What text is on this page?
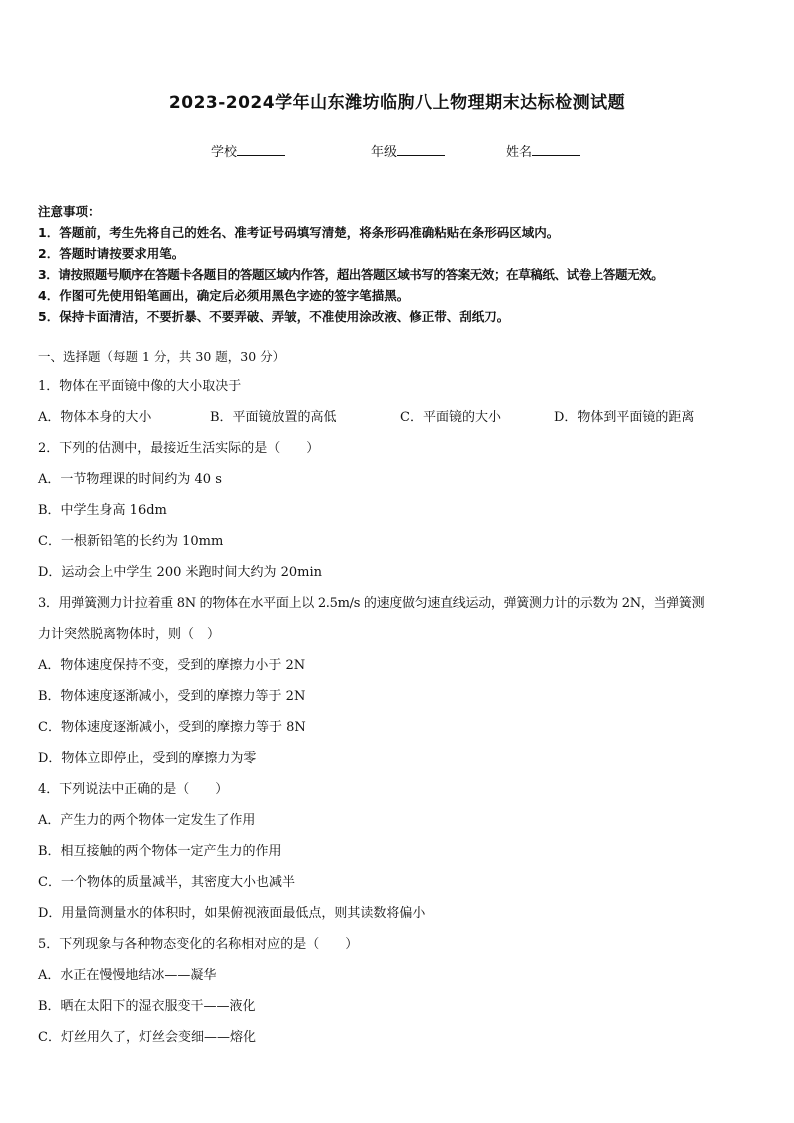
2023-2024学年山东潍坊临朐八上物理期末达标检测试题
学校	年级	姓名
注意事项：
1．答题前，考生先将自己的姓名、准考证号码填写清楚，将条形码准确粘贴在条形码区域内。
2．答题时请按要求用笔。
3．请按照题号顺序在答题卡各题目的答题区域内作答，超出答题区域书写的答案无效；在草稿纸、试卷上答题无效。
4．作图可先使用铅笔画出，确定后必须用黑色字迹的签字笔描黑。
5．保持卡面清洁，不要折暴、不要弄破、弄皱，不准使用涂改液、修正带、刮纸刀。
一、选择题（每题 1 分，共 30 题，30 分）
1．物体在平面镜中像的大小取决于
A．物体本身的大小	B．平面镜放置的高低	C．平面镜的大小	D．物体到平面镜的距离
2．下列的估测中，最接近生活实际的是（　　）
A．一节物理课的时间约为 40 s
B．中学生身高 16dm
C．一根新铅笔的长约为 10mm
D．运动会上中学生 200 米跑时间大约为 20min
3．用弹簧测力计拉着重 8N 的物体在水平面上以 2.5m/s 的速度做匀速直线运动，弹簧测力计的示数为 2N，当弹簧测
力计突然脱离物体时，则（　）
A．物体速度保持不变，受到的摩擦力小于 2N
B．物体速度逐渐减小，受到的摩擦力等于 2N
C．物体速度逐渐减小，受到的摩擦力等于 8N
D．物体立即停止，受到的摩擦力为零
4．下列说法中正确的是（　　）
A．产生力的两个物体一定发生了作用
B．相互接触的两个物体一定产生力的作用
C．一个物体的质量减半，其密度大小也减半
D．用量筒测量水的体积时，如果俯视液面最低点，则其读数将偏小
5．下列现象与各种物态变化的名称相对应的是（　　）
A．水正在慢慢地结冰——凝华
B．晒在太阳下的湿衣服变干——液化
C．灯丝用久了，灯丝会变细——熔化
